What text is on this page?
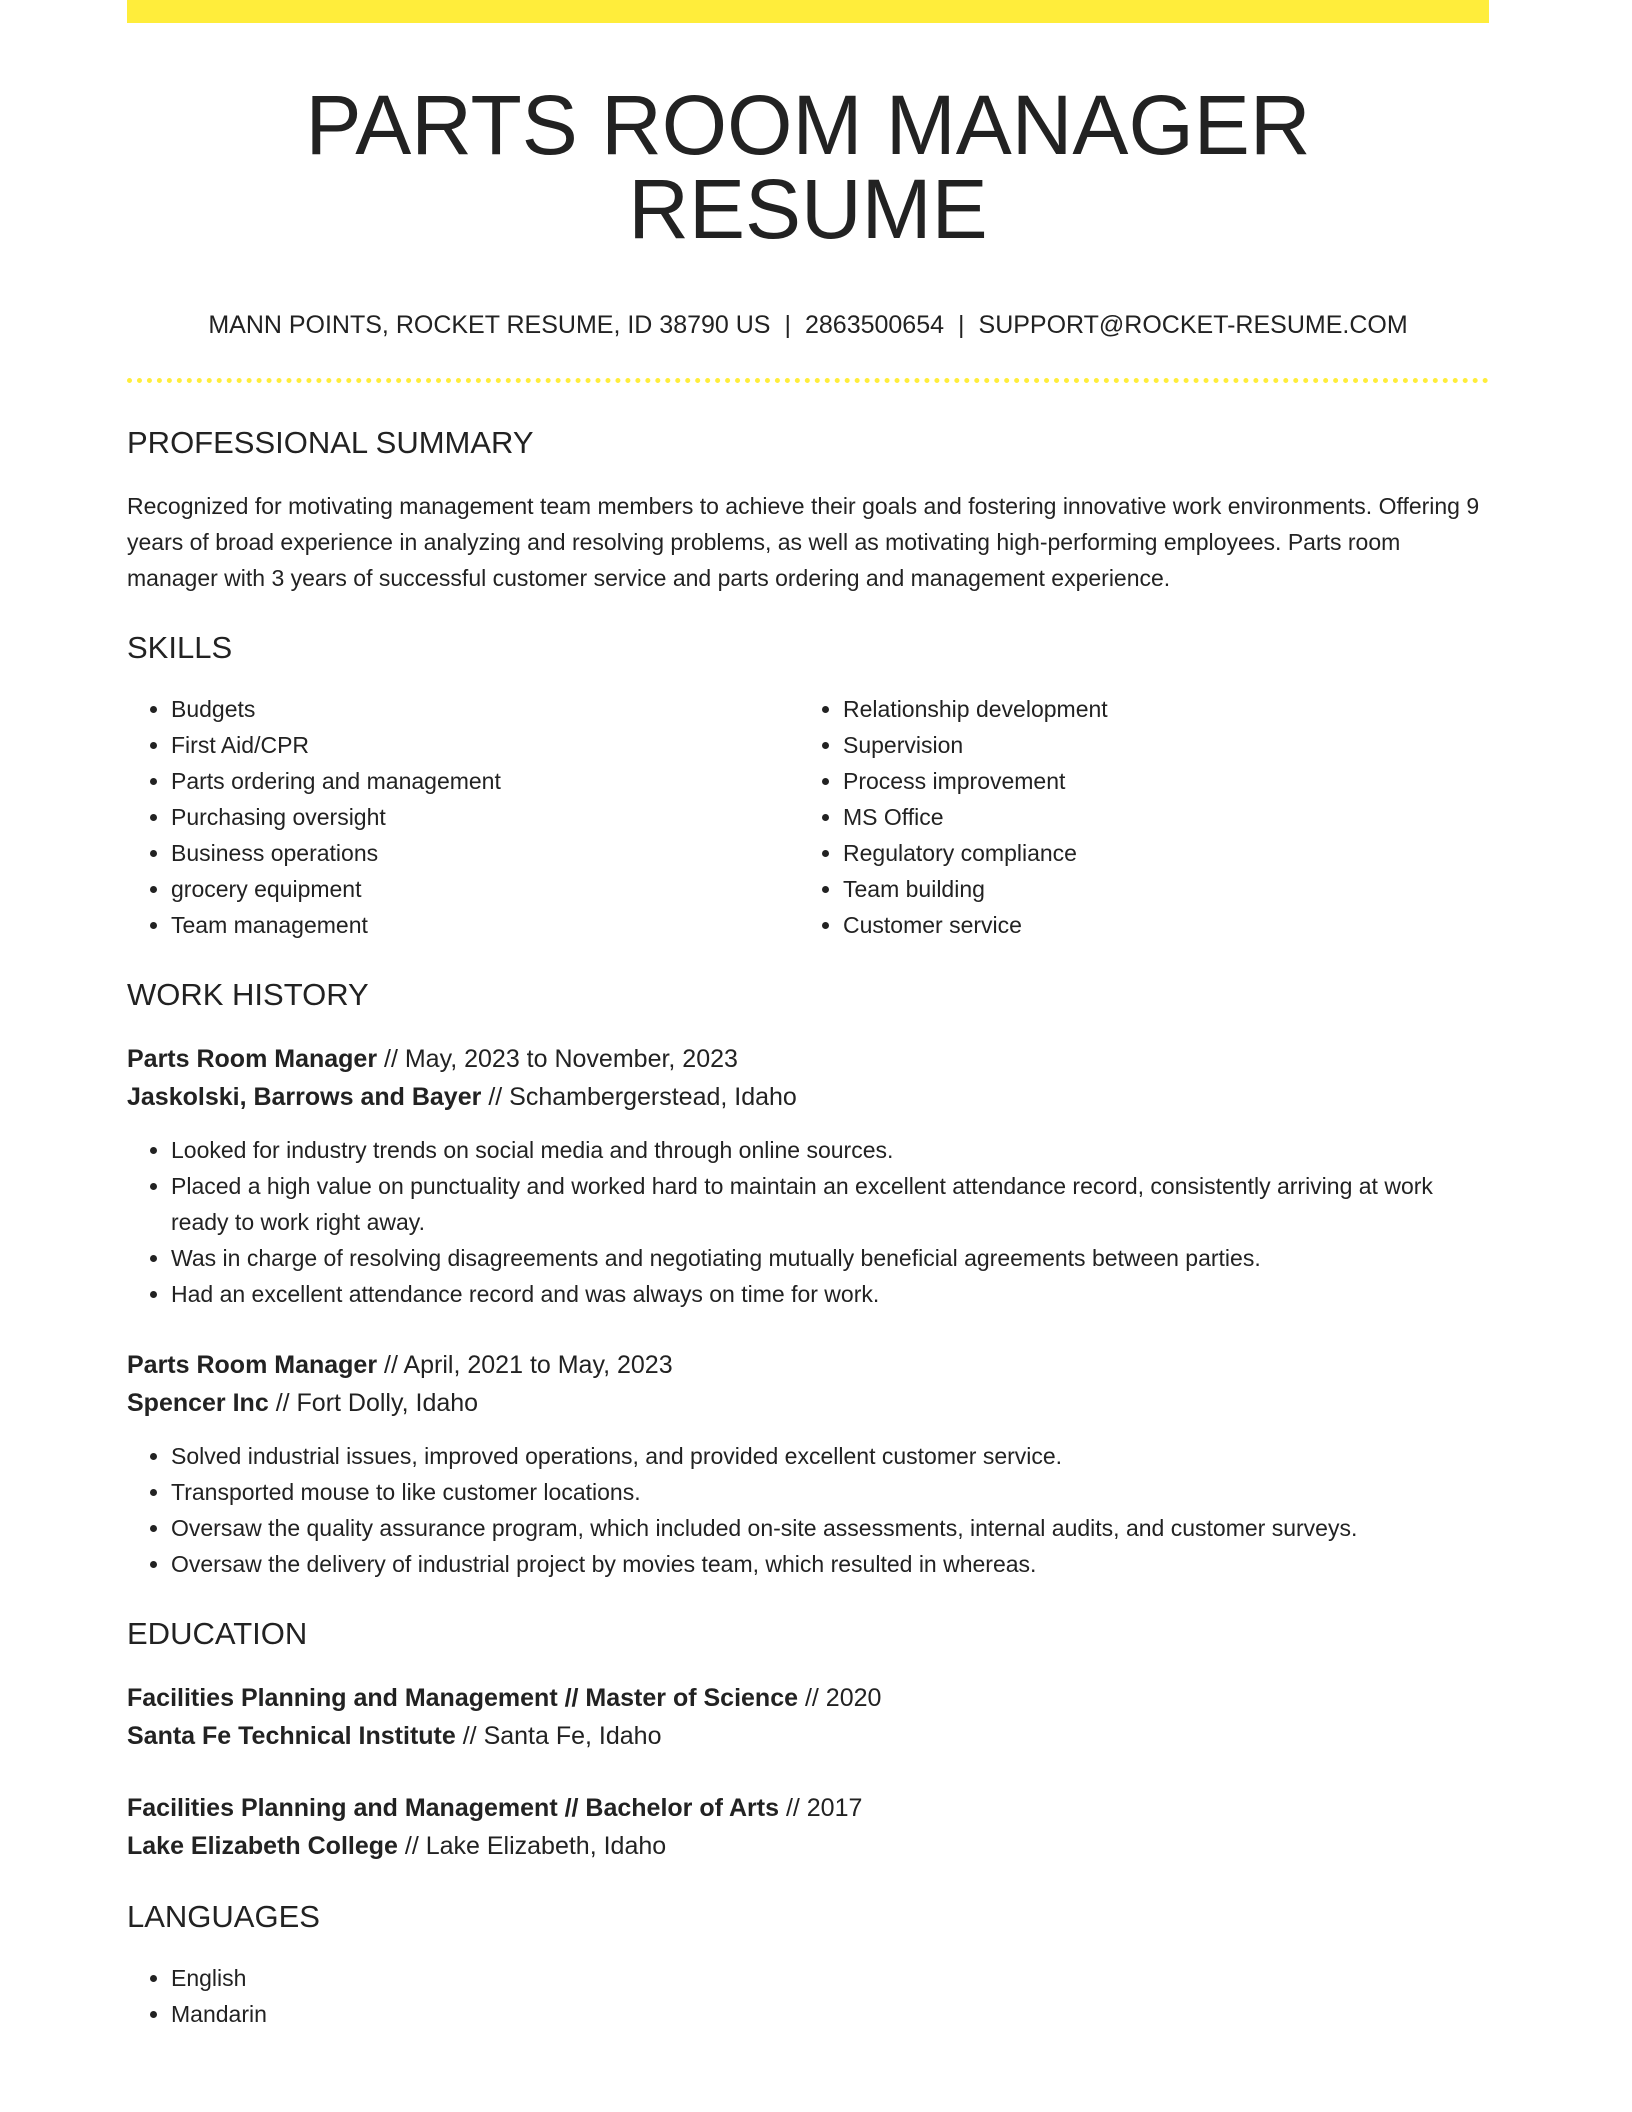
PARTS ROOM MANAGER RESUME
MANN POINTS, ROCKET RESUME, ID 38790 US | 2863500654 | SUPPORT@ROCKET-RESUME.COM
PROFESSIONAL SUMMARY

Recognized for motivating management team members to achieve their goals and fostering innovative work environments. Offering 9 years of broad experience in analyzing and resolving problems, as well as motivating high-performing employees. Parts room manager with 3 years of successful customer service and parts ordering and management experience.

SKILLS
• Budgets
• First Aid/CPR
• Parts ordering and management
• Purchasing oversight
• Business operations
• grocery equipment
• Team management
• Relationship development
• Supervision
• Process improvement
• MS Office
• Regulatory compliance
• Team building
• Customer service
WORK HISTORY
Parts Room Manager // May, 2023 to November, 2023
Jaskolski, Barrows and Bayer // Schambergerstead, Idaho
• Looked for industry trends on social media and through online sources.
• Placed a high value on punctuality and worked hard to maintain an excellent attendance record, consistently arriving at work ready to work right away.
• Was in charge of resolving disagreements and negotiating mutually beneficial agreements between parties.
• Had an excellent attendance record and was always on time for work.
Parts Room Manager // April, 2021 to May, 2023
Spencer Inc // Fort Dolly, Idaho
• Solved industrial issues, improved operations, and provided excellent customer service.
• Transported mouse to like customer locations.
• Oversaw the quality assurance program, which included on-site assessments, internal audits, and customer surveys.
• Oversaw the delivery of industrial project by movies team, which resulted in whereas.
EDUCATION
Facilities Planning and Management // Master of Science // 2020
Santa Fe Technical Institute // Santa Fe, Idaho
Facilities Planning and Management // Bachelor of Arts // 2017
Lake Elizabeth College // Lake Elizabeth, Idaho
LANGUAGES
• English
• Mandarin
